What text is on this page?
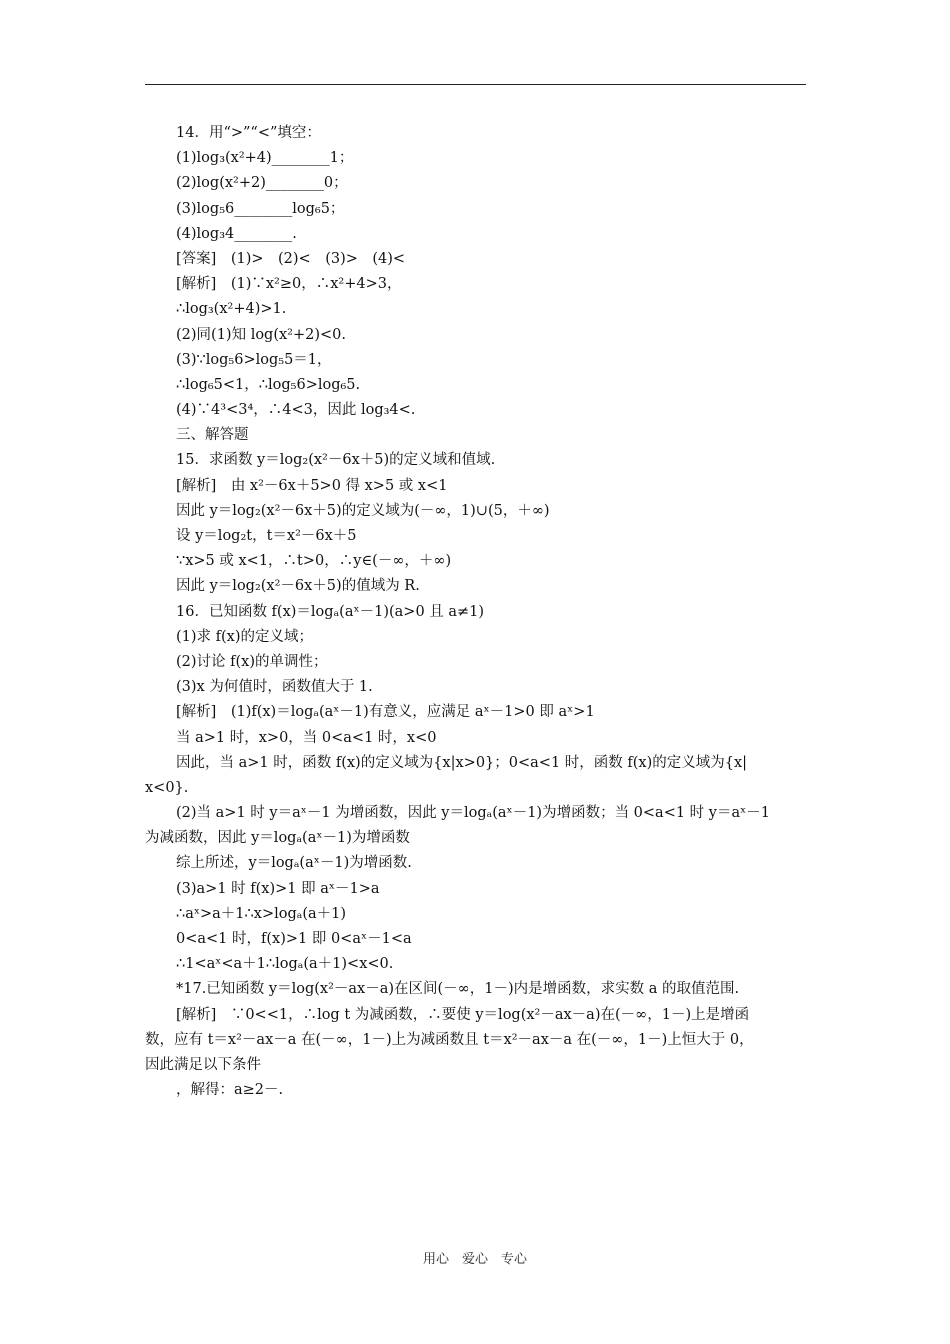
14．用“>”“<”填空：
(1)log₃(x²+4)________1；
(2)log(x²+2)________0；
(3)log₅6________log₆5；
(4)log₃4________.
[答案]　(1)>　(2)<　(3)>　(4)<
[解析]　(1)∵x²≥0，∴x²+4>3，
∴log₃(x²+4)>1.
(2)同(1)知 log(x²+2)<0.
(3)∵log₅6>log₅5＝1，
∴log₆5<1，∴log₅6>log₆5.
(4)∵4³<3⁴，∴4<3，因此 log₃4<.
三、解答题
15．求函数 y＝log₂(x²－6x＋5)的定义域和值域.
[解析]　由 x²－6x＋5>0 得 x>5 或 x<1
因此 y＝log₂(x²－6x＋5)的定义域为(－∞，1)∪(5，＋∞)
设 y＝log₂t，t＝x²－6x＋5
∵x>5 或 x<1，∴t>0，∴y∈(－∞，＋∞)
因此 y＝log₂(x²－6x＋5)的值域为 R.
16．已知函数 f(x)＝logₐ(aˣ－1)(a>0 且 a≠1)
(1)求 f(x)的定义域；
(2)讨论 f(x)的单调性；
(3)x 为何值时，函数值大于 1.
[解析]　(1)f(x)＝logₐ(aˣ－1)有意义，应满足 aˣ－1>0 即 aˣ>1
当 a>1 时，x>0，当 0<a<1 时，x<0
因此，当 a>1 时，函数 f(x)的定义域为{x|x>0}；0<a<1 时，函数 f(x)的定义域为{x|
x<0}.
(2)当 a>1 时 y＝aˣ－1 为增函数，因此 y＝logₐ(aˣ－1)为增函数；当 0<a<1 时 y＝aˣ－1
为减函数，因此 y＝logₐ(aˣ－1)为增函数
综上所述，y＝logₐ(aˣ－1)为增函数.
(3)a>1 时 f(x)>1 即 aˣ－1>a
∴aˣ>a＋1∴x>logₐ(a＋1)
0<a<1 时，f(x)>1 即 0<aˣ－1<a
∴1<aˣ<a＋1∴logₐ(a＋1)<x<0.
*17.已知函数 y＝log(x²－ax－a)在区间(－∞，1－)内是增函数，求实数 a 的取值范围.
[解析]　∵0<<1，∴log t 为减函数，∴要使 y＝log(x²－ax－a)在(－∞，1－)上是增函
数，应有 t＝x²－ax－a 在(－∞，1－)上为减函数且 t＝x²－ax－a 在(－∞，1－)上恒大于 0，
因此满足以下条件
，解得：a≥2－.
用心　爱心　专心
